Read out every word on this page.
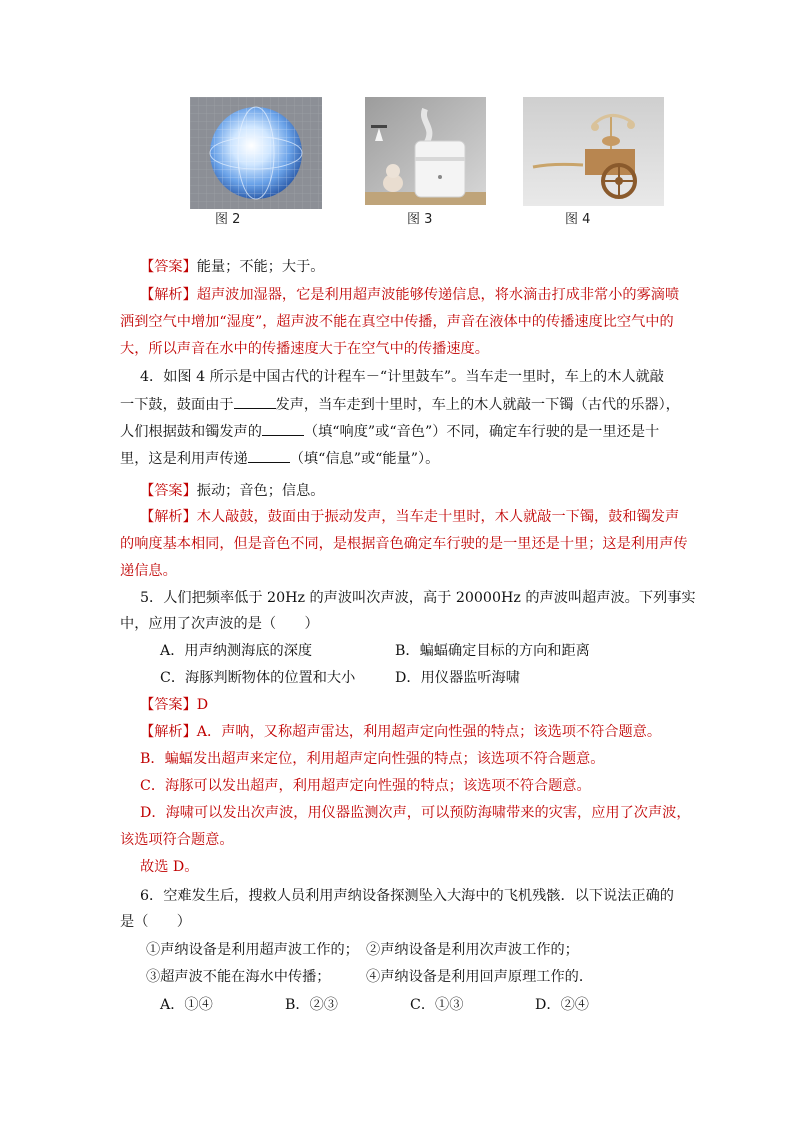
图 2	图 3	图 4
【答案】能量；不能；大于。
【解析】超声波加湿器，它是利用超声波能够传递信息，将水滴击打成非常小的雾滴喷
洒到空气中增加“湿度”，超声波不能在真空中传播，声音在液体中的传播速度比空气中的
大，所以声音在水中的传播速度大于在空气中的传播速度。
4．如图 4 所示是中国古代的计程车－“计里鼓车”。当车走一里时，车上的木人就敲
一下鼓，鼓面由于	发声，当车走到十里时，车上的木人就敲一下镯（古代的乐器），
人们根据鼓和镯发声的	（填“响度”或“音色”）不同，确定车行驶的是一里还是十
里，这是利用声传递	（填“信息”或“能量”）。
【答案】振动；音色；信息。
【解析】木人敲鼓，鼓面由于振动发声，当车走十里时，木人就敲一下镯，鼓和镯发声
的响度基本相同，但是音色不同，是根据音色确定车行驶的是一里还是十里；这是利用声传
递信息。
5．人们把频率低于 20Hz 的声波叫次声波，高于 20000Hz 的声波叫超声波。下列事实
中，应用了次声波的是（　　）
A．用声纳测海底的深度	B．蝙蝠确定目标的方向和距离
C．海豚判断物体的位置和大小	D．用仪器监听海啸
【答案】D
【解析】A．声呐，又称超声雷达，利用超声定向性强的特点；该选项不符合题意。
B．蝙蝠发出超声来定位，利用超声定向性强的特点；该选项不符合题意。
C．海豚可以发出超声，利用超声定向性强的特点；该选项不符合题意。
D．海啸可以发出次声波，用仪器监测次声，可以预防海啸带来的灾害，应用了次声波，
该选项符合题意。
故选 D。
6．空难发生后，搜救人员利用声纳设备探测坠入大海中的飞机残骸．以下说法正确的
是（　　）
①声纳设备是利用超声波工作的； ②声纳设备是利用次声波工作的；
③超声波不能在海水中传播；	④声纳设备是利用回声原理工作的．
A．①④	B．②③	C．①③	D．②④
